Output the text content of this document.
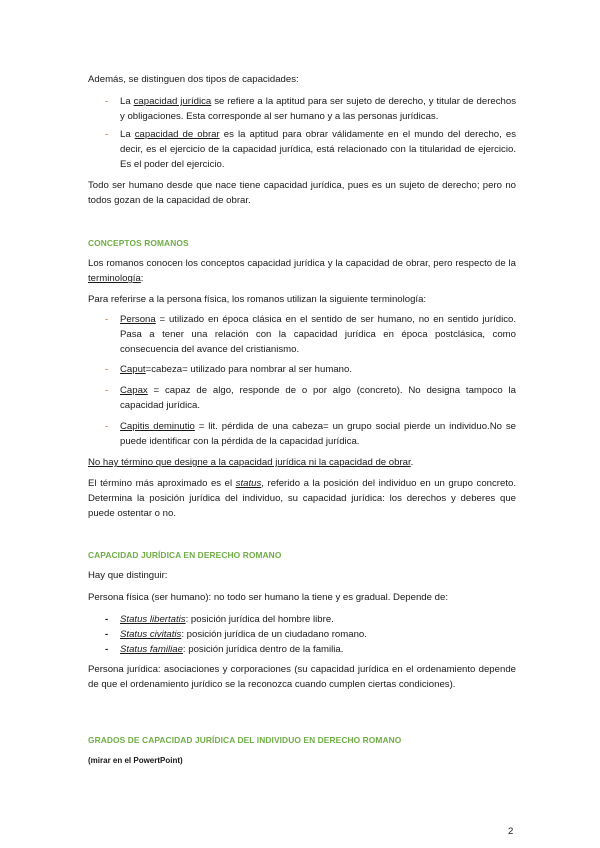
Además, se distinguen dos tipos de capacidades:
- La capacidad jurídica se refiere a la aptitud para ser sujeto de derecho, y titular de derechos y obligaciones. Esta corresponde al ser humano y a las personas jurídicas.
- La capacidad de obrar es la aptitud para obrar válidamente en el mundo del derecho, es decir, es el ejercicio de la capacidad jurídica, está relacionado con la titularidad de ejercicio. Es el poder del ejercicio.
Todo ser humano desde que nace tiene capacidad jurídica, pues es un sujeto de derecho; pero no todos gozan de la capacidad de obrar.
CONCEPTOS ROMANOS
Los romanos conocen los conceptos capacidad jurídica y la capacidad de obrar, pero respecto de la terminología:
Para referirse a la persona física, los romanos utilizan la siguiente terminología:
- Persona = utilizado en época clásica en el sentido de ser humano, no en sentido jurídico. Pasa a tener una relación con la capacidad jurídica en época postclásica, como consecuencia del avance del cristianismo.
- Caput=cabeza= utilizado para nombrar al ser humano.
- Capax = capaz de algo, responde de o por algo (concreto). No designa tampoco la capacidad jurídica.
- Capitis deminutio = lit. pérdida de una cabeza= un grupo social pierde un individuo.No se puede identificar con la pérdida de la capacidad jurídica.
No hay término que designe a la capacidad jurídica ni la capacidad de obrar.
El término más aproximado es el status, referido a la posición del individuo en un grupo concreto. Determina la posición jurídica del individuo, su capacidad jurídica: los derechos y deberes que puede ostentar o no.
CAPACIDAD JURÍDICA EN DERECHO ROMANO
Hay que distinguir:
Persona física (ser humano): no todo ser humano la tiene y es gradual. Depende de:
- Status libertatis: posición jurídica del hombre libre.
- Status civitatis: posición jurídica de un ciudadano romano.
- Status familiae: posición jurídica dentro de la familia.
Persona jurídica: asociaciones y corporaciones (su capacidad jurídica en el ordenamiento depende de que el ordenamiento jurídico se la reconozca cuando cumplen ciertas condiciones).
GRADOS DE CAPACIDAD JURÍDICA DEL INDIVIDUO EN DERECHO ROMANO
(mirar en el PowertPoint)
2
